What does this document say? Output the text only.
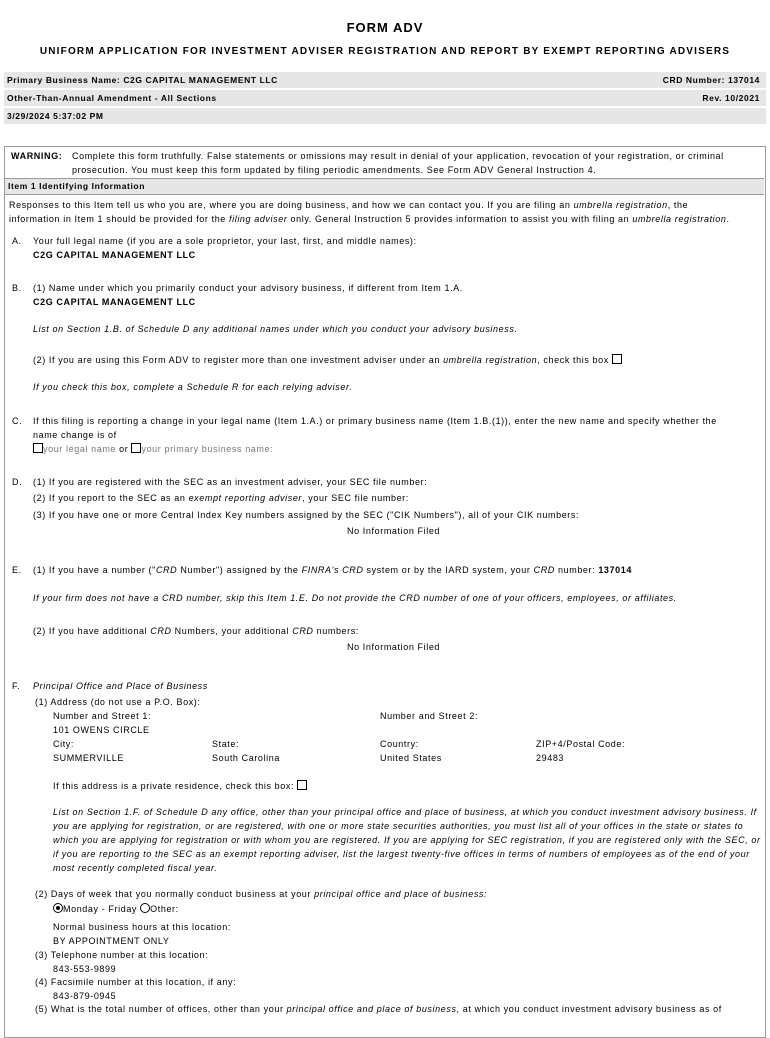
FORM ADV
UNIFORM APPLICATION FOR INVESTMENT ADVISER REGISTRATION AND REPORT BY EXEMPT REPORTING ADVISERS
Primary Business Name: C2G CAPITAL MANAGEMENT LLC	CRD Number: 137014
Other-Than-Annual Amendment - All Sections	Rev. 10/2021
3/29/2024 5:37:02 PM
WARNING: Complete this form truthfully. False statements or omissions may result in denial of your application, revocation of your registration, or criminal
prosecution. You must keep this form updated by filing periodic amendments. See Form ADV General Instruction 4.
Item 1 Identifying Information
Responses to this Item tell us who you are, where you are doing business, and how we can contact you. If you are filing an umbrella registration, the
information in Item 1 should be provided for the filing adviser only. General Instruction 5 provides information to assist you with filing an umbrella registration.
A. Your full legal name (if you are a sole proprietor, your last, first, and middle names):
C2G CAPITAL MANAGEMENT LLC
B. (1) Name under which you primarily conduct your advisory business, if different from Item 1.A.
C2G CAPITAL MANAGEMENT LLC
List on Section 1.B. of Schedule D any additional names under which you conduct your advisory business.
(2) If you are using this Form ADV to register more than one investment adviser under an umbrella registration, check this box
If you check this box, complete a Schedule R for each relying adviser.
C. If this filing is reporting a change in your legal name (Item 1.A.) or primary business name (Item 1.B.(1)), enter the new name and specify whether the
name change is of
your legal name or your primary business name:
D. (1) If you are registered with the SEC as an investment adviser, your SEC file number:
(2) If you report to the SEC as an exempt reporting adviser, your SEC file number:
(3) If you have one or more Central Index Key numbers assigned by the SEC ("CIK Numbers"), all of your CIK numbers:
No Information Filed
E. (1) If you have a number ("CRD Number") assigned by the FINRA's CRD system or by the IARD system, your CRD number: 137014
If your firm does not have a CRD number, skip this Item 1.E. Do not provide the CRD number of one of your officers, employees, or affiliates.
(2) If you have additional CRD Numbers, your additional CRD numbers:
No Information Filed
F. Principal Office and Place of Business
(1) Address (do not use a P.O. Box):
Number and Street 1:	Number and Street 2:
101 OWENS CIRCLE
City:	State:	Country:	ZIP+4/Postal Code:
SUMMERVILLE	South Carolina	United States	29483
If this address is a private residence, check this box:
List on Section 1.F. of Schedule D any office, other than your principal office and place of business, at which you conduct investment advisory business. If
you are applying for registration, or are registered, with one or more state securities authorities, you must list all of your offices in the state or states to
which you are applying for registration or with whom you are registered. If you are applying for SEC registration, if you are registered only with the SEC, or
if you are reporting to the SEC as an exempt reporting adviser, list the largest twenty-five offices in terms of numbers of employees as of the end of your
most recently completed fiscal year.
(2) Days of week that you normally conduct business at your principal office and place of business:
Monday - Friday Other:
Normal business hours at this location:
BY APPOINTMENT ONLY
(3) Telephone number at this location:
843-553-9899
(4) Facsimile number at this location, if any:
843-879-0945
(5) What is the total number of offices, other than your principal office and place of business, at which you conduct investment advisory business as of
